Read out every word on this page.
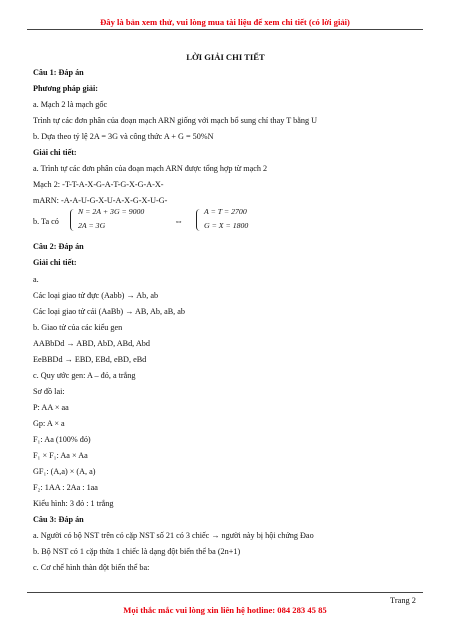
Đây là bản xem thử, vui lòng mua tài liệu để xem chi tiết (có lời giải)
LỜI GIẢI CHI TIẾT
Câu 1: Đáp án
Phương pháp giải:
a. Mạch 2 là mạch gốc
Trình tự các đơn phân của đoạn mạch ARN giống với mạch bổ sung chỉ thay T bằng U
b. Dựa theo tỷ lệ 2A = 3G và công thức A + G = 50%N
Giải chi tiết:
a. Trình tự các đơn phân của đoạn mạch ARN được tổng hợp từ mạch 2
Mạch 2: -T-T-A-X-G-A-T-G-X-G-A-X-
mARN: -A-A-U-G-X-U-A-X-G-X-U-G-
b. Ta có
N = 2A + 3G = 9000
2A = 3G	⇔
A = T = 2700
G = X = 1800
Câu 2: Đáp án
Giải chi tiết:
a.
Các loại giao tử đực (Aabb) → Ab, ab
Các loại giao tử cái (AaBb) → AB, Ab, aB, ab
b. Giao tử của các kiểu gen
AABbDd → ABD, AbD, ABd, Abd
EeBBDd → EBD, EBd, eBD, eBd
c. Quy ước gen: A – đỏ, a trắng
Sơ đồ lai:
P: AA × aa
Gp: A × a
F₁: Aa (100% đỏ)
F₁ × F₁: Aa × Aa
GF₁: (A,a) × (A, a)
F₂: 1AA : 2Aa : 1aa
Kiểu hình: 3 đỏ : 1 trắng
Câu 3: Đáp án
a. Người có bộ NST trên có cặp NST số 21 có 3 chiếc → người này bị hội chứng Đao
b. Bộ NST có 1 cặp thừa 1 chiếc là dạng đột biến thể ba (2n+1)
c. Cơ chế hình thàn đột biến thể ba:
Trang 2
Mọi thắc mắc vui lòng xin liên hệ hotline: 084 283 45 85
